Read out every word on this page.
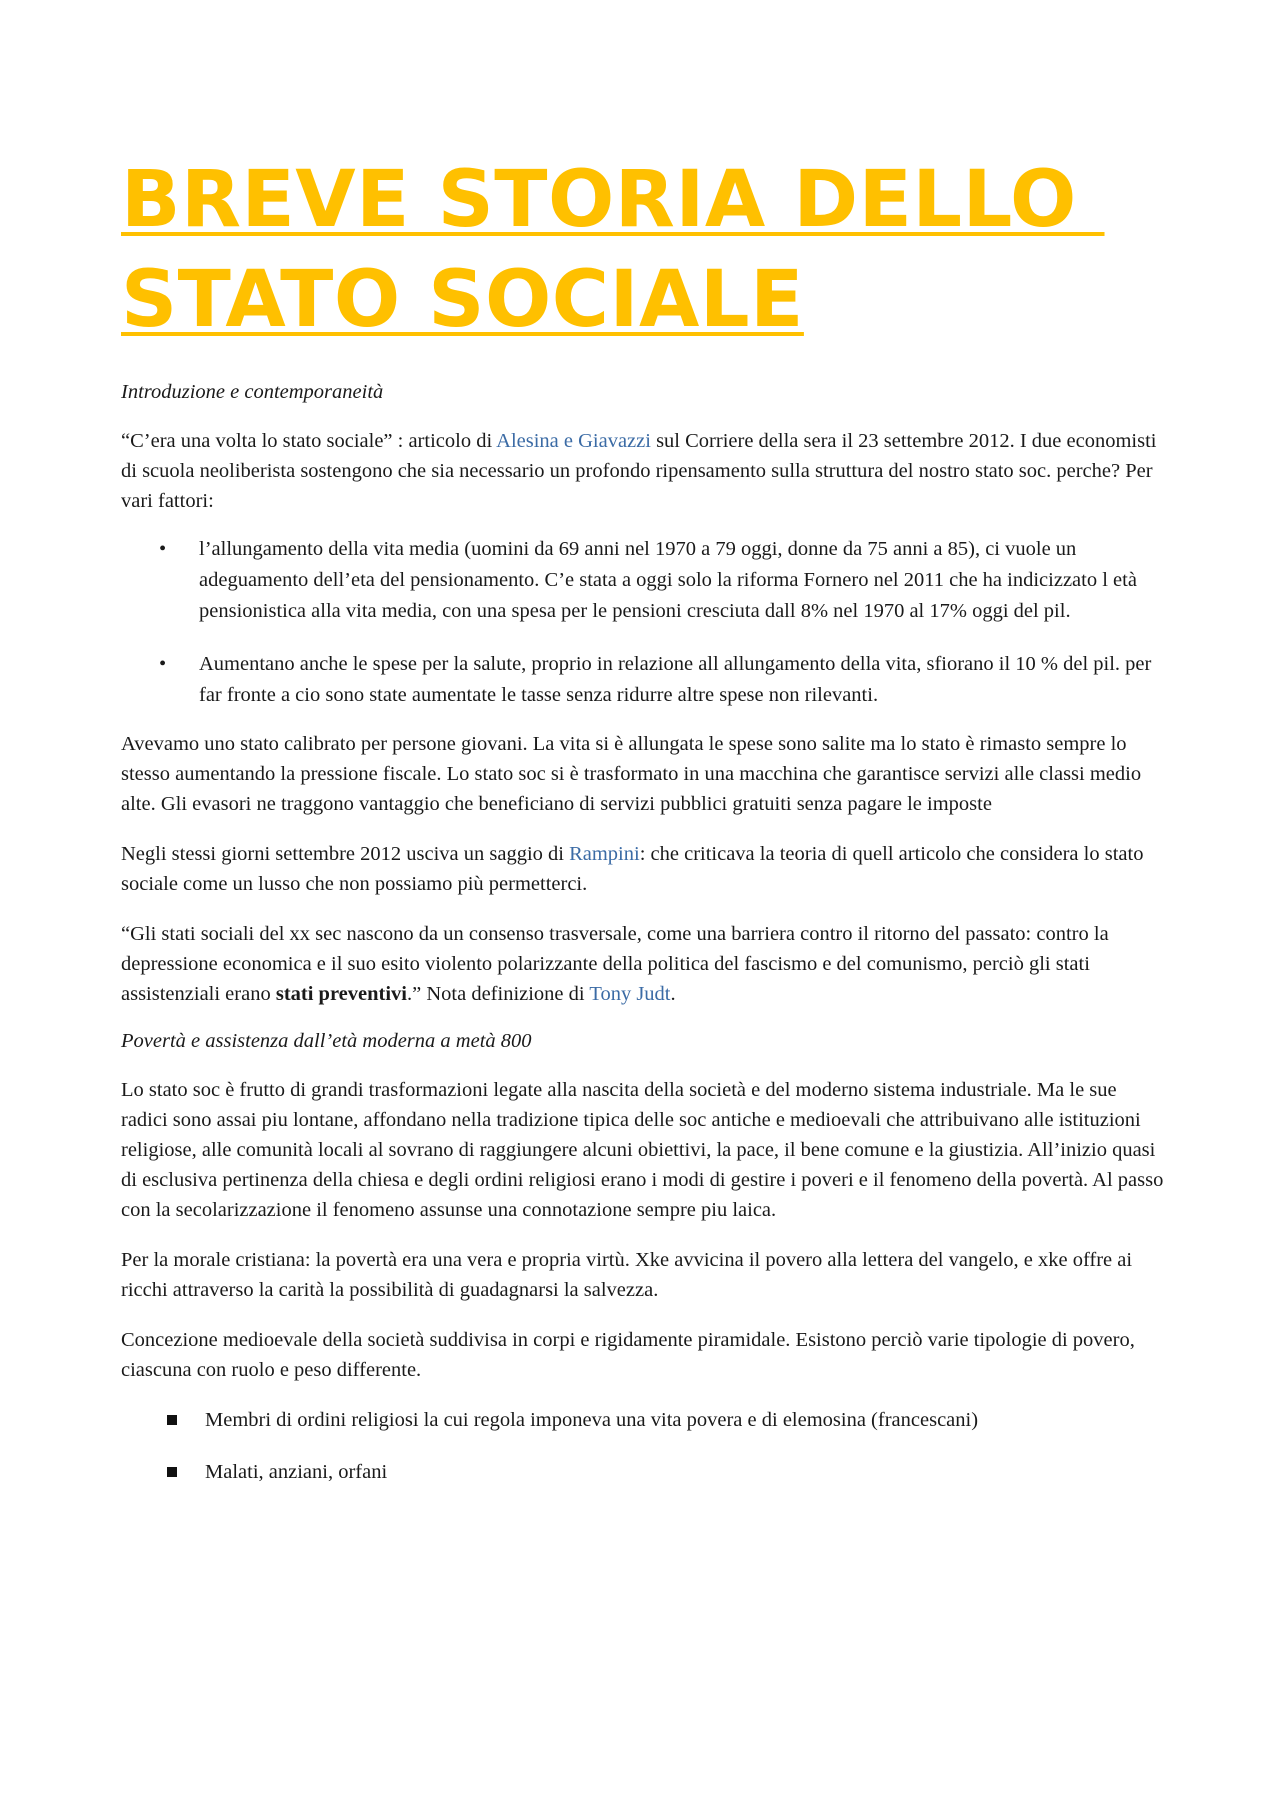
BREVE STORIA DELLO
STATO SOCIALE
Introduzione e contemporaneità

“C’era una volta lo stato sociale” : articolo di Alesina e Giavazzi sul Corriere della sera il 23 settembre 2012. I due economisti di scuola neoliberista sostengono che sia necessario un profondo ripensamento sulla struttura del nostro stato soc. perche? Per vari fattori:

• l’allungamento della vita media (uomini da 69 anni nel 1970 a 79 oggi, donne da 75 anni a 85), ci vuole un adeguamento dell’eta del pensionamento. C’e stata a oggi solo la riforma Fornero nel 2011 che ha indicizzato l età pensionistica alla vita media, con una spesa per le pensioni cresciuta dall 8% nel 1970 al 17% oggi del pil.
• Aumentano anche le spese per la salute, proprio in relazione all allungamento della vita, sfiorano il 10 % del pil. per far fronte a cio sono state aumentate le tasse senza ridurre altre spese non rilevanti.

Avevamo uno stato calibrato per persone giovani. La vita si è allungata le spese sono salite ma lo stato è rimasto sempre lo stesso aumentando la pressione fiscale. Lo stato soc si è trasformato in una macchina che garantisce servizi alle classi medio alte. Gli evasori ne traggono vantaggio che beneficiano di servizi pubblici gratuiti senza pagare le imposte

Negli stessi giorni settembre 2012 usciva un saggio di Rampini: che criticava la teoria di quell articolo che considera lo stato sociale come un lusso che non possiamo più permetterci.

“Gli stati sociali del xx sec nascono da un consenso trasversale, come una barriera contro il ritorno del passato: contro la depressione economica e il suo esito violento polarizzante della politica del fascismo e del comunismo, perciò gli stati assistenziali erano stati preventivi.” Nota definizione di Tony Judt.

Povertà e assistenza dall’età moderna a metà 800

Lo stato soc è frutto di grandi trasformazioni legate alla nascita della società e del moderno sistema industriale. Ma le sue radici sono assai piu lontane, affondano nella tradizione tipica delle soc antiche e medioevali che attribuivano alle istituzioni religiose, alle comunità locali al sovrano di raggiungere alcuni obiettivi, la pace, il bene comune e la giustizia. All’inizio quasi di esclusiva pertinenza della chiesa e degli ordini religiosi erano i modi di gestire i poveri e il fenomeno della povertà. Al passo con la secolarizzazione il fenomeno assunse una connotazione sempre piu laica.

Per la morale cristiana: la povertà era una vera e propria virtù. Xke avvicina il povero alla lettera del vangelo, e xke offre ai ricchi attraverso la carità la possibilità di guadagnarsi la salvezza.

Concezione medioevale della società suddivisa in corpi e rigidamente piramidale. Esistono perciò varie tipologie di povero, ciascuna con ruolo e peso differente.

Membri di ordini religiosi la cui regola imponeva una vita povera e di elemosina (francescani)
Malati, anziani, orfani
